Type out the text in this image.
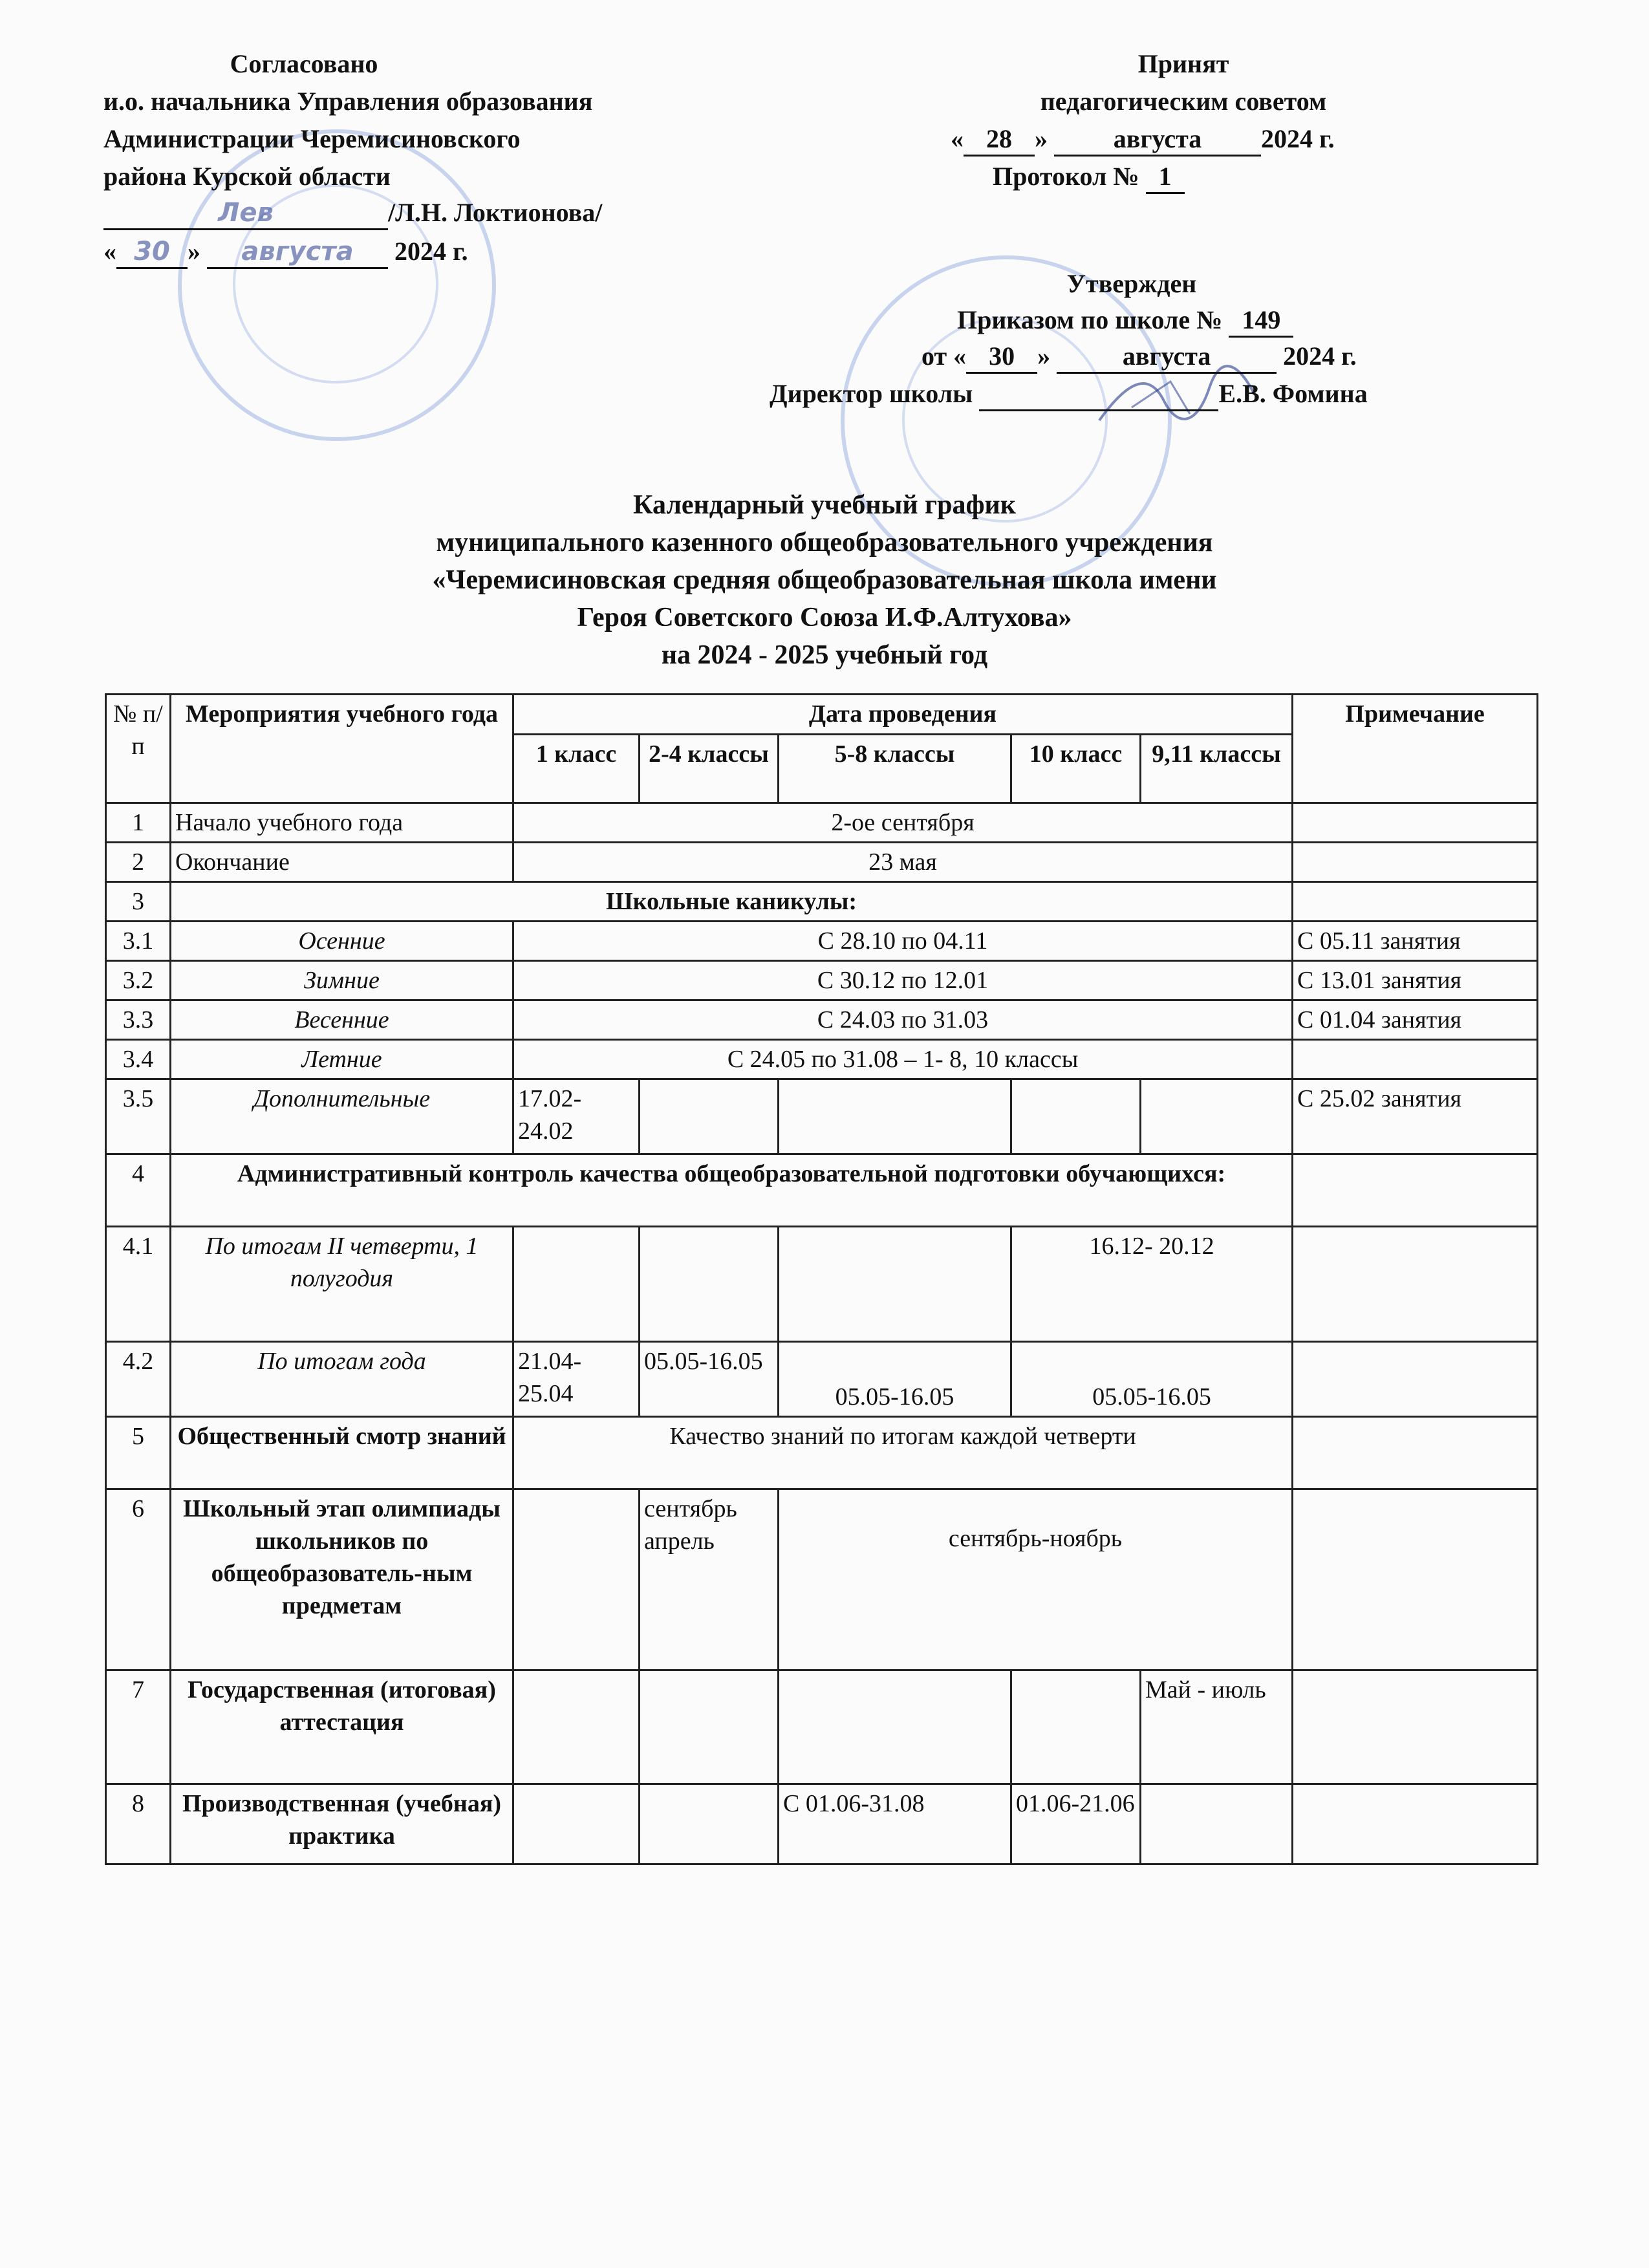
Согласовано
и.о. начальника Управления образования
Администрации Черемисиновского
района Курской области
Лев	/Л.Н. Локтионова/
« 30 » августа 2024 г.
Принят
педагогическим советом
« 28 »	августа 2024 г.
Протокол № 1
Утвержден
Приказом по школе № 149
от « 30 »	августа	2024 г.
Директор школы	Е.В. Фомина
Календарный учебный график
муниципального казенного общеобразовательного учреждения
«Черемисиновская средняя общеобразовательная школа имени
Героя Советского Союза И.Ф.Алтухова»
на 2024 - 2025 учебный год
№ п/п	Мероприятия учебного года	Дата проведения					Примечание
		1 класс	2-4 классы	5-8 классы	10 класс	9,11 классы	
1	Начало учебного года	2-ое сентября					
2	Окончание	23 мая					
3	Школьные каникулы:						
3.1	Осенние	С 28.10 по 04.11					С 05.11 занятия
3.2	Зимние	С 30.12 по 12.01					С 13.01 занятия
3.3	Весенние	С 24.03 по 31.03					С 01.04 занятия
3.4	Летние	С 24.05 по 31.08 – 1- 8, 10 классы					
3.5	Дополнительные	17.02-24.02					С 25.02 занятия
4	Административный контроль качества общеобразовательной подготовки обучающихся:						
4.1	По итогам II четверти, 1 полугодия				16.12- 20.12		
4.2	По итогам года	21.04-25.04	05.05-16.05	05.05-16.05	05.05-16.05		
5	Общественный смотр знаний	Качество знаний по итогам каждой четверти					
6	Школьный этап олимпиады школьников по общеобразователь-ным предметам		сентябрь апрель	сентябрь-ноябрь			
7	Государственная (итоговая) аттестация					Май - июль	
8	Производственная (учебная) практика			С 01.06-31.08	01.06-21.06		
